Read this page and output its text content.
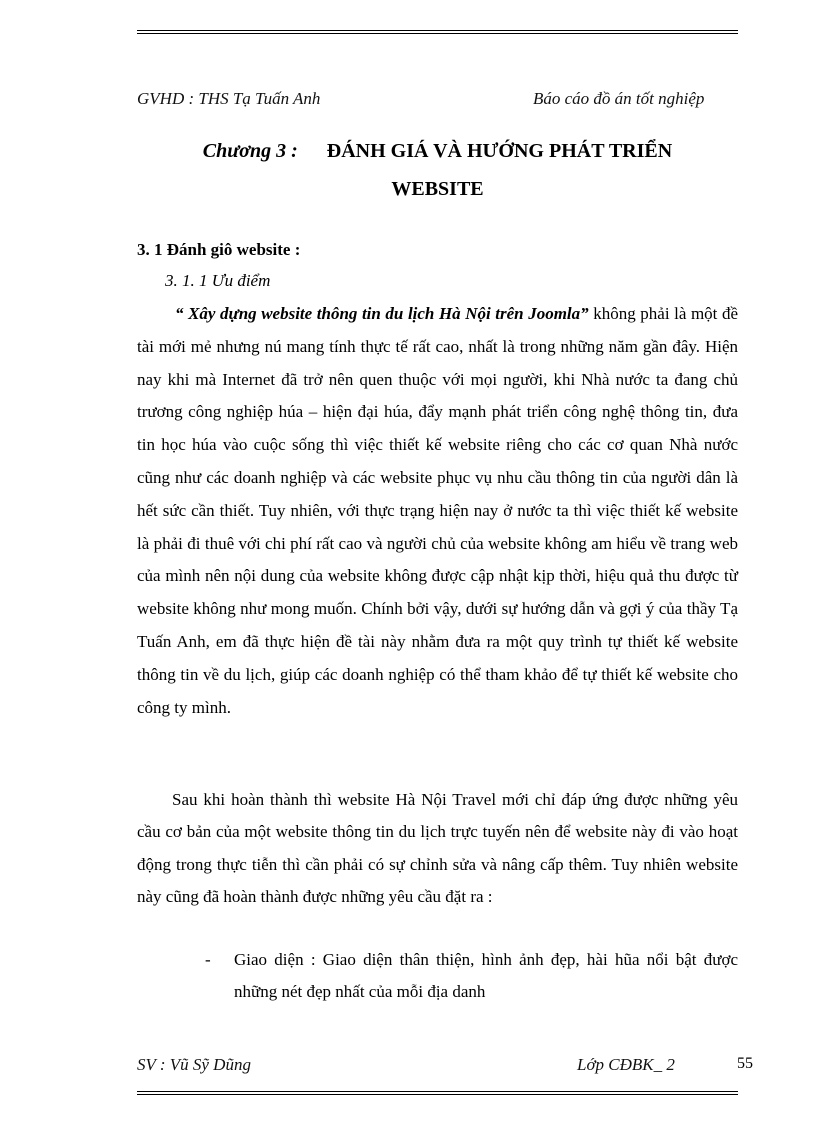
GVHD : THS Tạ Tuấn Anh	Báo cáo đồ án tốt nghiệp
Chương 3 : ĐÁNH GIÁ VÀ HƯỚNG PHÁT TRIỂN
WEBSITE
3. 1 Đánh giô website :
3. 1. 1 Ưu điểm
“ Xây dựng website thông tin du lịch Hà Nội trên Joomla” không phải là một đề tài mới mẻ nhưng nú mang tính thực tế rất cao, nhất là trong những năm gần đây. Hiện nay khi mà Internet đã trở nên quen thuộc với mọi người, khi Nhà nước ta đang chủ trương công nghiệp húa – hiện đại húa, đẩy mạnh phát triển công nghệ thông tin, đưa tin học húa vào cuộc sống thì việc thiết kế website riêng cho các cơ quan Nhà nước cũng như các doanh nghiệp và các website phục vụ nhu cầu thông tin của người dân là hết sức cần thiết. Tuy nhiên, với thực trạng hiện nay ở nước ta thì việc thiết kế website là phải đi thuê với chi phí rất cao và người chủ của website không am hiểu về trang web của mình nên nội dung của website không được cập nhật kịp thời, hiệu quả thu được từ website không như mong muốn. Chính bởi vậy, dưới sự hướng dẫn và gợi ý của thầy Tạ Tuấn Anh, em đã thực hiện đề tài này nhằm đưa ra một quy trình tự thiết kế website thông tin về du lịch, giúp các doanh nghiệp có thể tham khảo để tự thiết kế website cho công ty mình.
Sau khi hoàn thành thì website Hà Nội Travel mới chỉ đáp ứng được những yêu cầu cơ bản của một website thông tin du lịch trực tuyến nên để website này đi vào hoạt động trong thực tiễn thì cần phải có sự chỉnh sửa và nâng cấp thêm. Tuy nhiên website này cũng đã hoàn thành được những yêu cầu đặt ra :
- Giao diện : Giao diện thân thiện, hình ảnh đẹp, hài hũa nổi bật được những nét đẹp nhất của mỗi địa danh
SV : Vũ Sỹ Dũng	Lớp CĐBK_ 2	55
